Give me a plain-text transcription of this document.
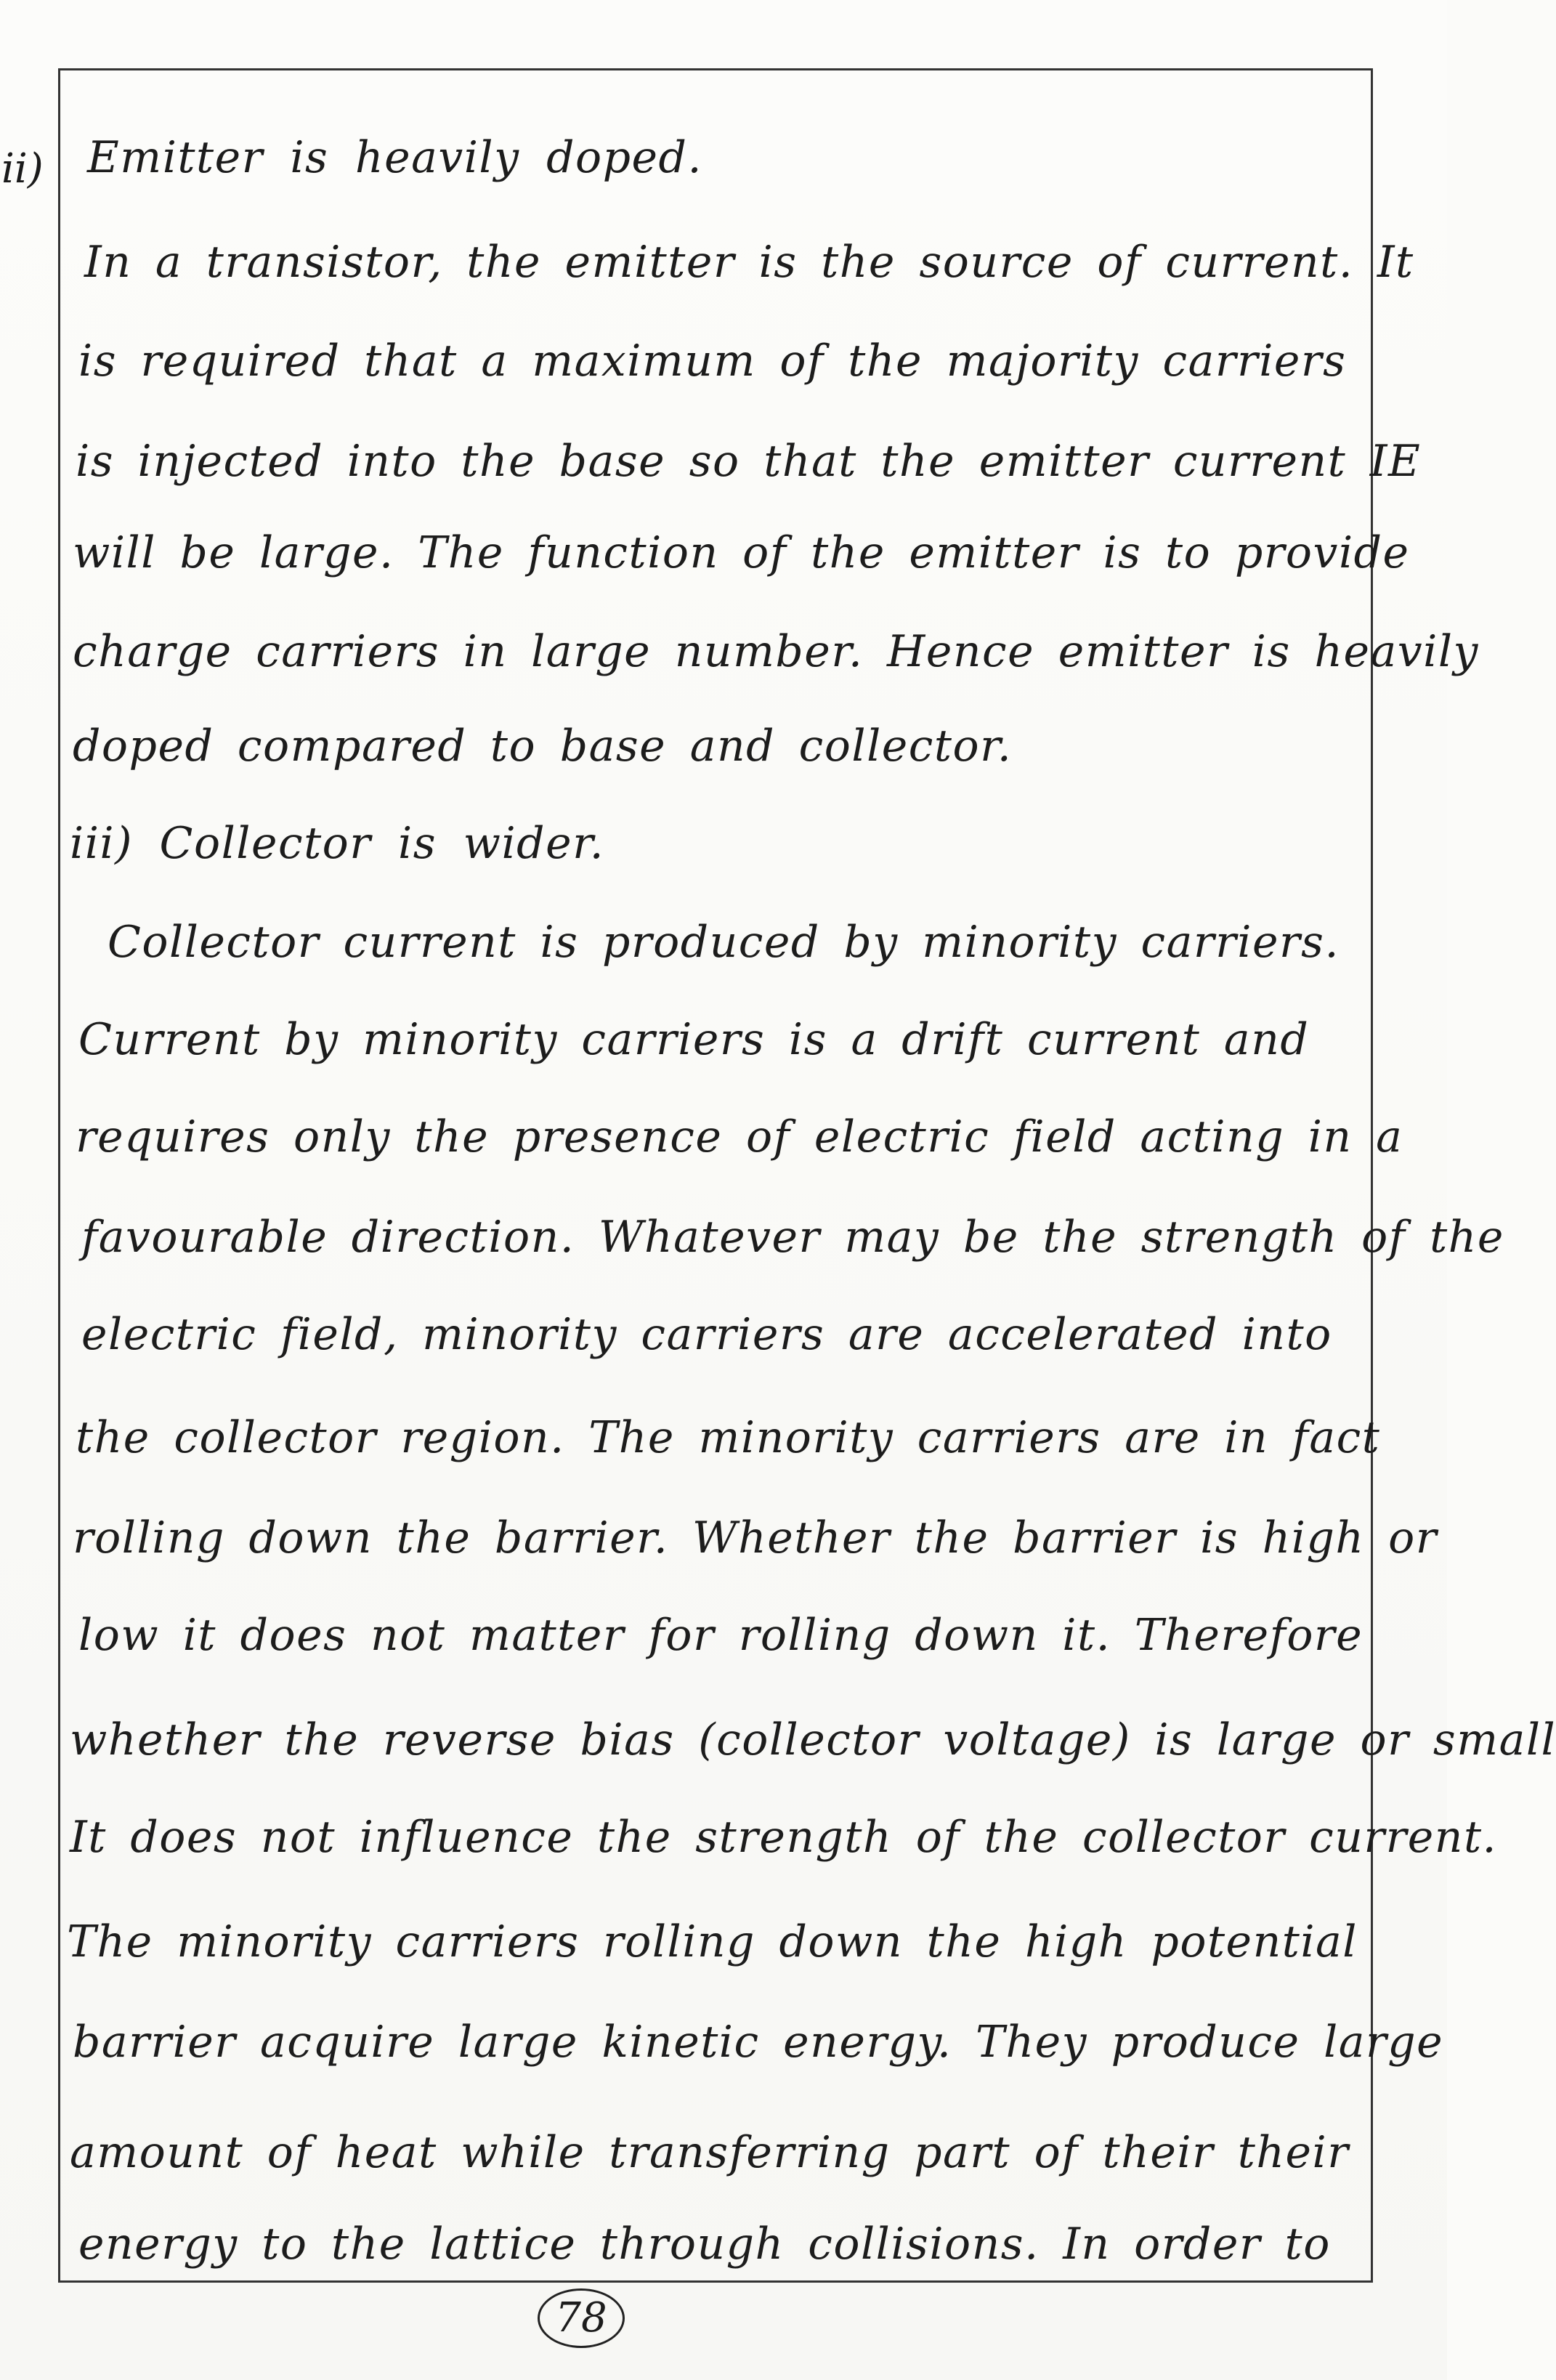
ii) Emitter is heavily doped.
In a transistor, the emitter is the source of current. It
is required that a maximum of the majority carriers
is injected into the base so that the emitter current IE
will be large. The function of the emitter is to provide
charge carriers in large number. Hence emitter is heavily
doped compared to base and collector.
iii) Collector is wider.
Collector current is produced by minority carriers.
Current by minority carriers is a drift current and
requires only the presence of electric field acting in a
favourable direction. Whatever may be the strength of the
electric field, minority carriers are accelerated into
the collector region. The minority carriers are in fact
rolling down the barrier. Whether the barrier is high or
low it does not matter for rolling down it. Therefore
whether the reverse bias (collector voltage) is large or small
It does not influence the strength of the collector current.
The minority carriers rolling down the high potential
barrier acquire large kinetic energy. They produce large
amount of heat while transferring part of their their
energy to the lattice through collisions. In order to
78
